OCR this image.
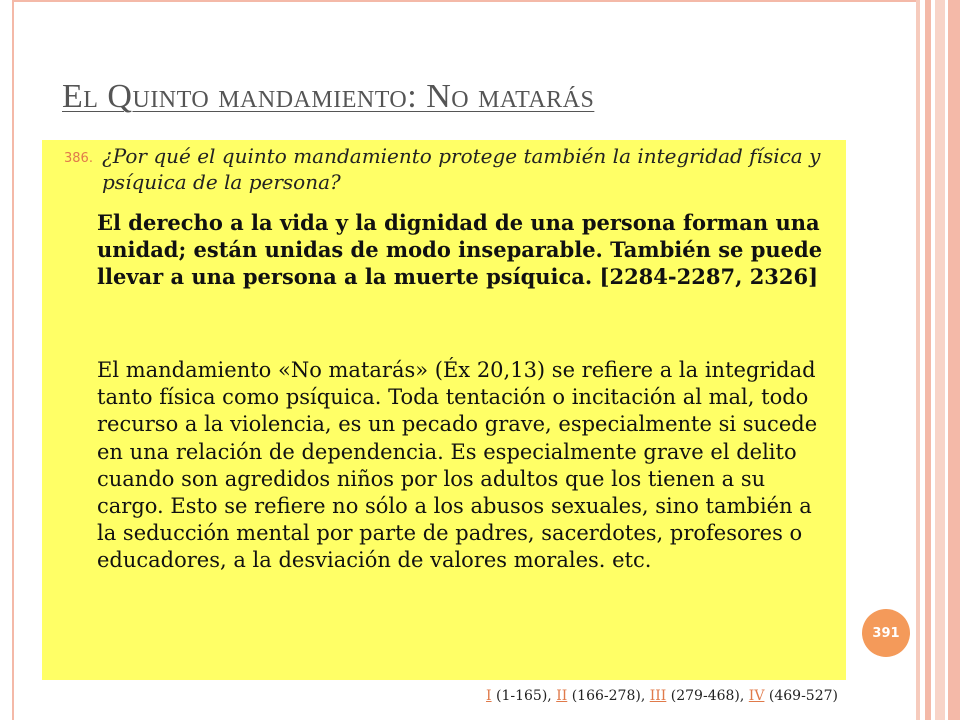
El Quinto mandamiento: No matarás
386. ¿Por qué el quinto mandamiento protege también la integridad física y psíquica de la persona?

El derecho a la vida y la dignidad de una persona forman una unidad; están unidas de modo inseparable. También se puede llevar a una persona a la muerte psíquica. [2284-2287, 2326]

El mandamiento «No matarás» (Éx 20,13) se refiere a la integridad tanto física como psíquica. Toda tentación o incitación al mal, todo recurso a la violencia, es un pecado grave, especialmente si sucede en una relación de dependencia. Es especialmente grave el delito cuando son agredidos niños por los adultos que los tienen a su cargo. Esto se refiere no sólo a los abusos sexuales, sino también a la seducción mental por parte de padres, sacerdotes, profesores o educadores, a la desviación de valores morales. etc.

391
I (1-165), II (166-278), III (279-468), IV (469-527)
